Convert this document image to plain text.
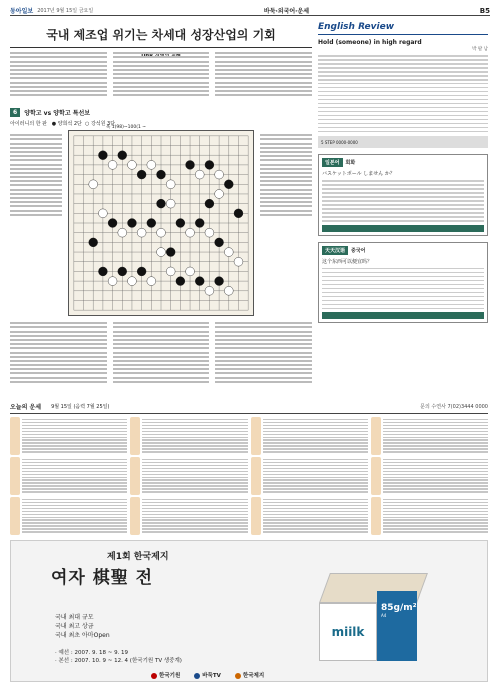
동아일보 2017년 9월 15일 금요일	바둑·외국어·운세	B5
국내 제조업 위기는 차세대 성장산업의 기회
6	양학고 vs 양학고 특선보
아이러니의 한 판   ● 양희석 2단  ○ 강석원 3단
흑 1(98)~100(1 ~
English Review
Hold (someone) in high regard
박 팔 남
5 STEP 0000-0000
일본어	회화
バスケットボール しません か？

天天汉语	중국어
这个东西可以便宜吗？

오늘의 운세 9월 15일 (음력 7월 25일)	문의 수연사 7(02)3444 0000
제1회 한국제지
여자 棋聖 전
국내 최대 규모
국내 최고 상금
국내 최초 아마Open
· 예선 : 2007. 9. 18 ~ 9. 19
· 본선 : 2007. 10. 9 ~ 12. 4 (한국기원 TV 생중계)
miilk
85g/m²
A4
한국기원	바둑TV	한국제지
